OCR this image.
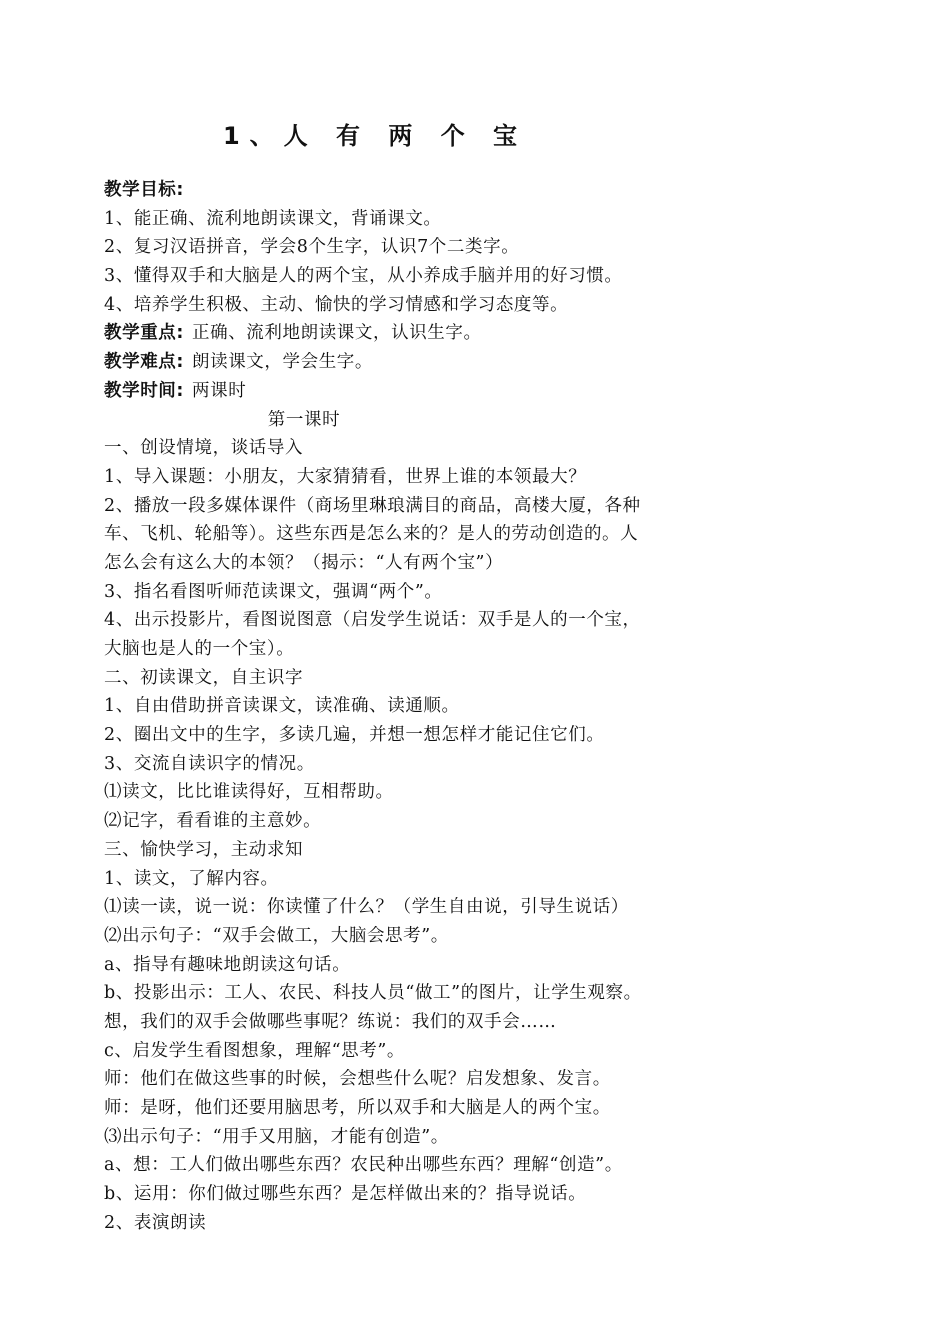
1、人 有 两 个 宝
教学目标:
1、能正确、流利地朗读课文，背诵课文。
2、复习汉语拼音，学会8个生字，认识7个二类字。
3、懂得双手和大脑是人的两个宝，从小养成手脑并用的好习惯。
4、培养学生积极、主动、愉快的学习情感和学习态度等。
教学重点: 正确、流利地朗读课文，认识生字。
教学难点: 朗读课文，学会生字。
教学时间: 两课时
第一课时
一、创设情境，谈话导入
1、导入课题：小朋友，大家猜猜看，世界上谁的本领最大？
2、播放一段多媒体课件（商场里琳琅满目的商品，高楼大厦，各种
车、飞机、轮船等）。这些东西是怎么来的？是人的劳动创造的。人
怎么会有这么大的本领？（揭示：“人有两个宝”）
3、指名看图听师范读课文，强调“两个”。
4、出示投影片，看图说图意（启发学生说话：双手是人的一个宝，
大脑也是人的一个宝）。
二、初读课文，自主识字
1、自由借助拼音读课文，读准确、读通顺。
2、圈出文中的生字，多读几遍，并想一想怎样才能记住它们。
3、交流自读识字的情况。
⑴读文，比比谁读得好，互相帮助。
⑵记字，看看谁的主意妙。
三、愉快学习，主动求知
1、读文，了解内容。
⑴读一读，说一说：你读懂了什么？（学生自由说，引导生说话）
⑵出示句子：“双手会做工，大脑会思考”。
a、指导有趣味地朗读这句话。
b、投影出示：工人、农民、科技人员“做工”的图片，让学生观察。
想，我们的双手会做哪些事呢？练说：我们的双手会……
c、启发学生看图想象，理解“思考”。
师：他们在做这些事的时候，会想些什么呢？启发想象、发言。
师：是呀，他们还要用脑思考，所以双手和大脑是人的两个宝。
⑶出示句子：“用手又用脑，才能有创造”。
a、想：工人们做出哪些东西？农民种出哪些东西？理解“创造”。
b、运用：你们做过哪些东西？是怎样做出来的？指导说话。
2、表演朗读
